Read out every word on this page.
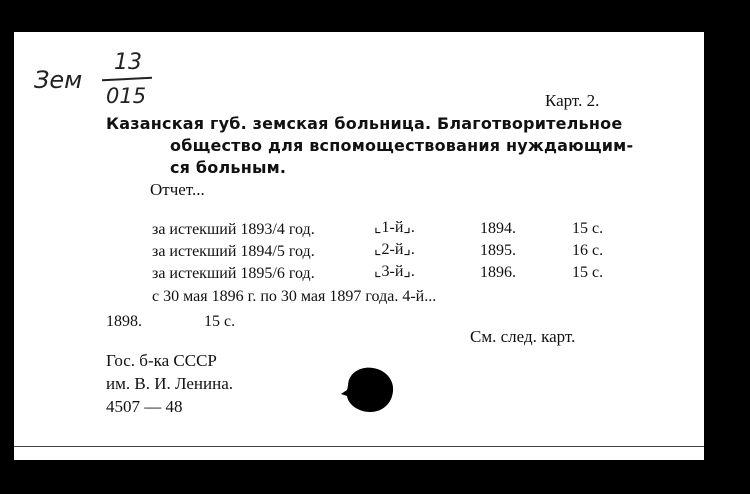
Зем
13
015	Карт. 2.
Казанская губ. земская больница. Благотворительное
общество для вспомоществования нуждающим-
ся больным.
Отчет...
за истекший 1893/4 год.	⌞1-й⌟.	1894.	15 с.
за истекший 1894/5 год.	⌞2-й⌟.	1895.	16 с.
за истекший 1895/6 год.	⌞3-й⌟.	1896.	15 с.
с 30 мая 1896 г. по 30 мая 1897 года. 4-й...
1898.	15 с.
См. след. карт.
Гос. б-ка СССР
им. В. И. Ленина.
4507 — 48
